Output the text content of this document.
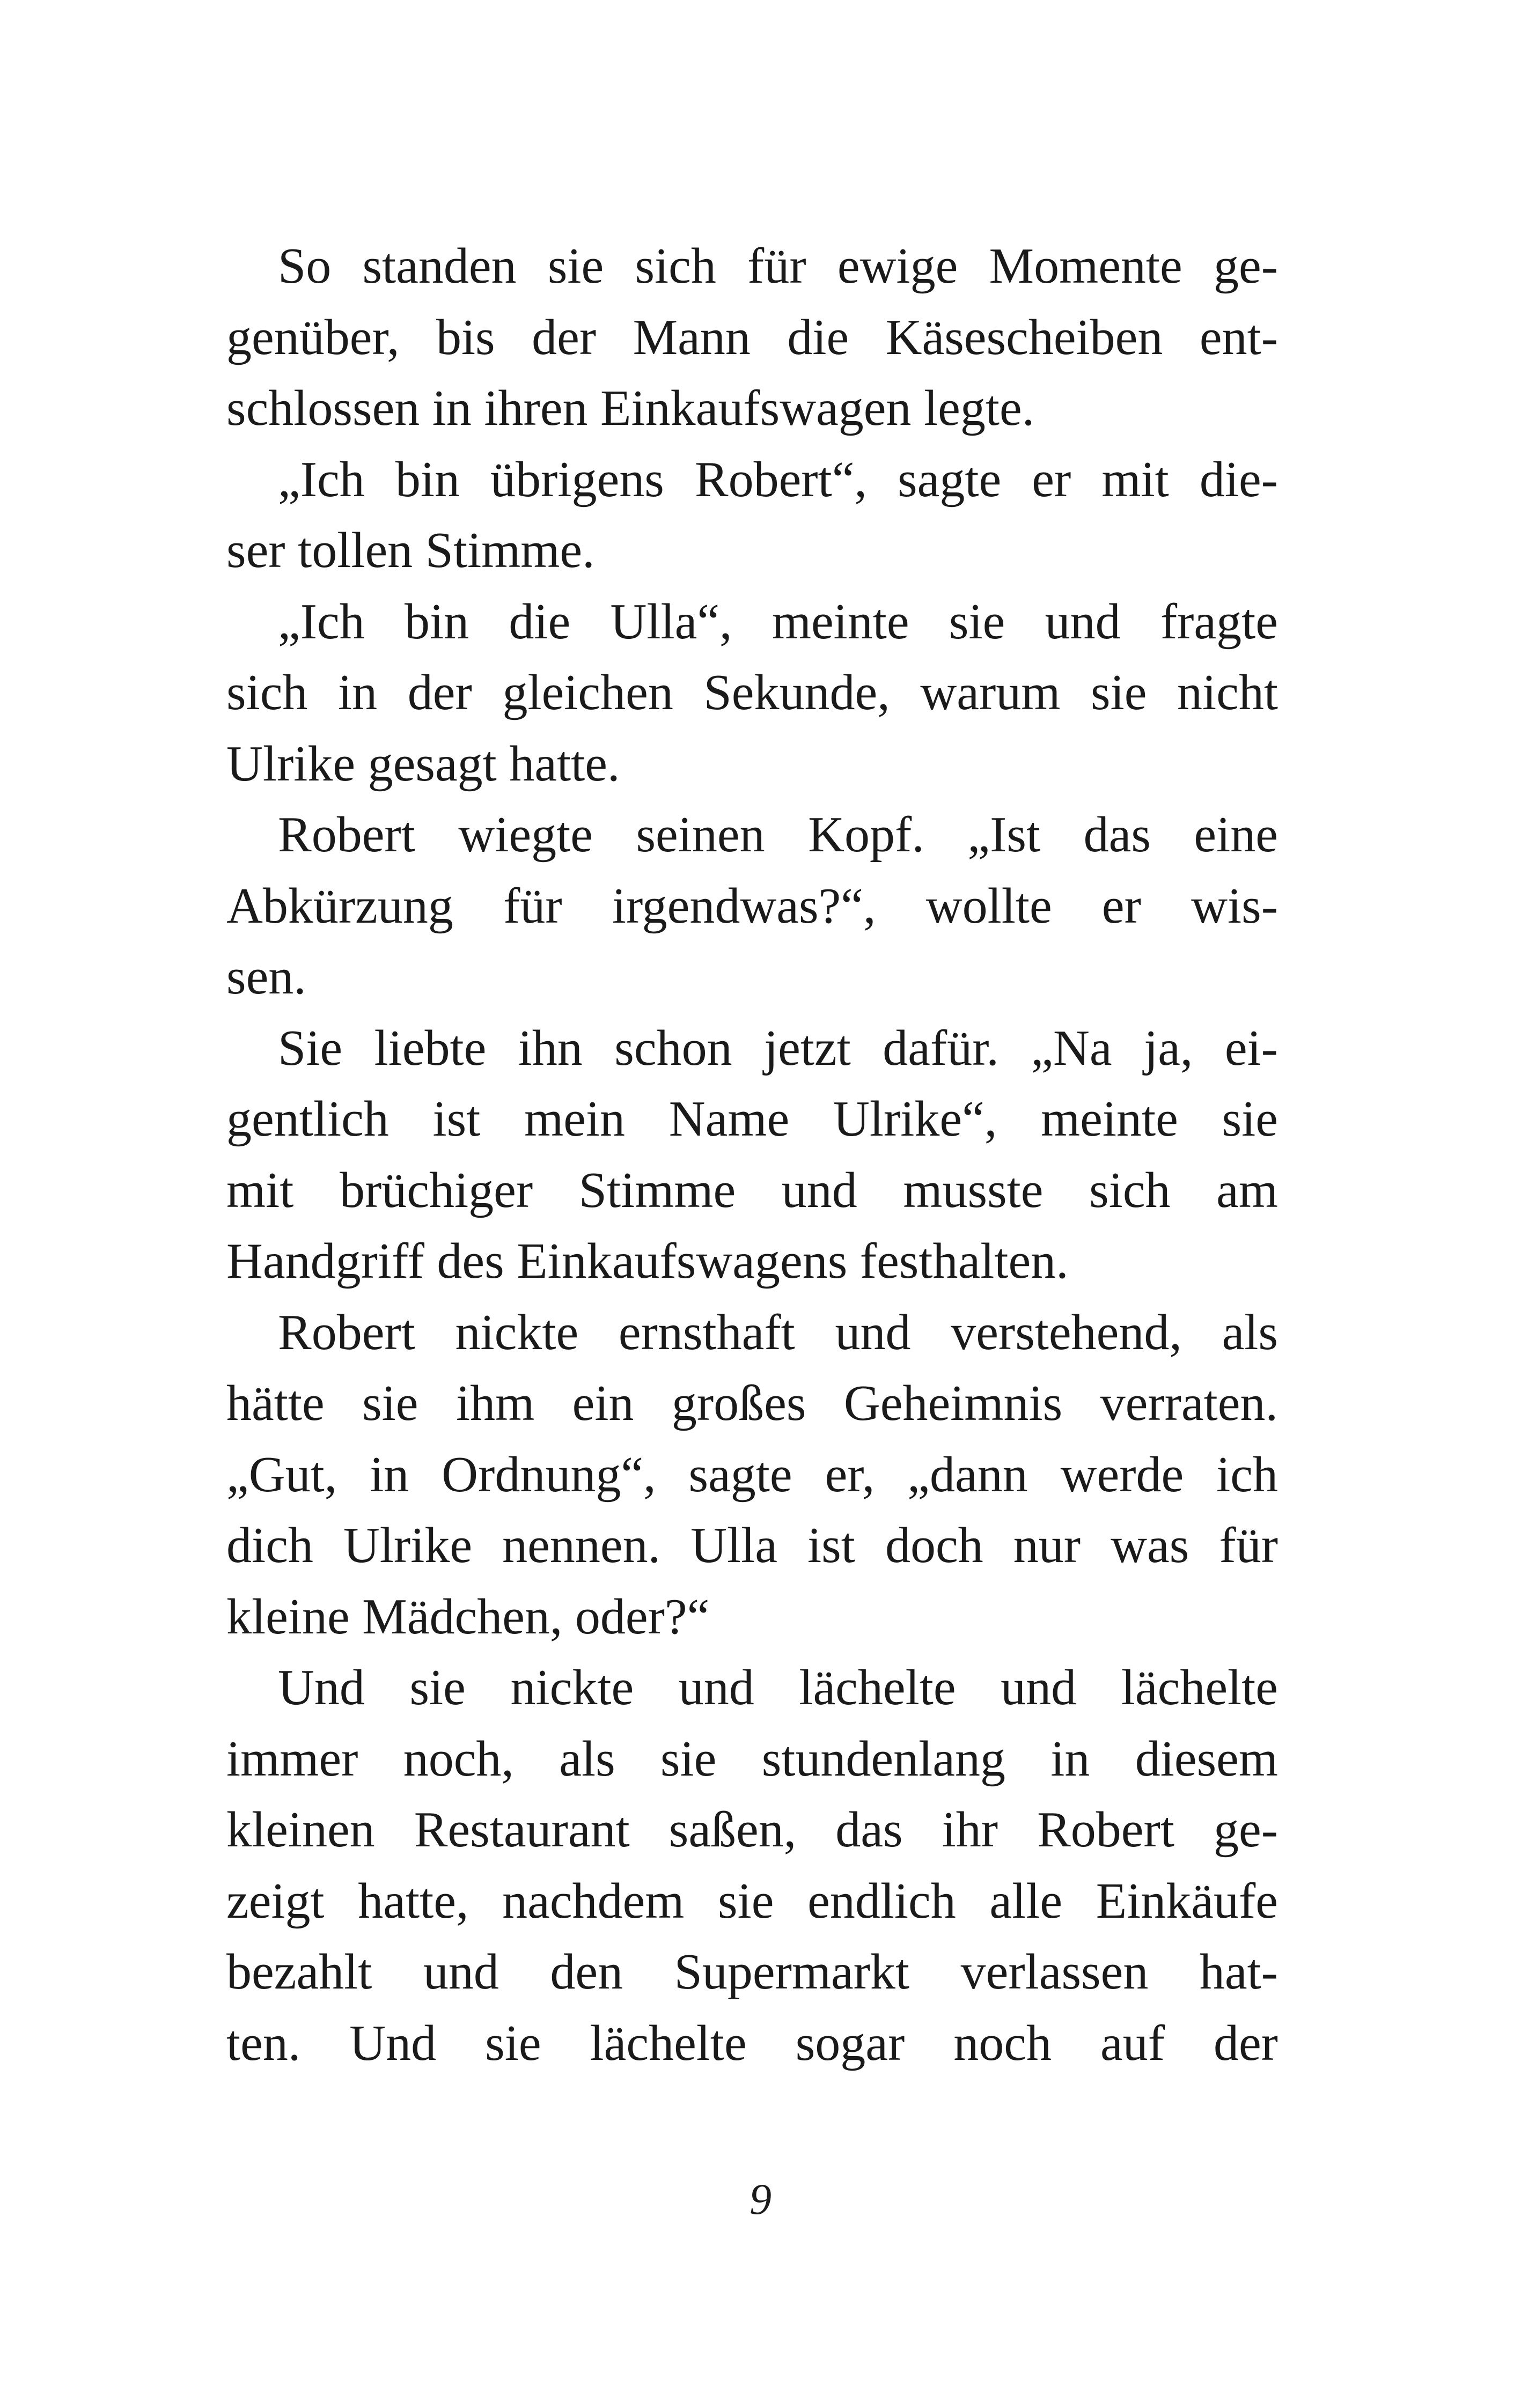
So standen sie sich für ewige Momente ge-
genüber, bis der Mann die Käsescheiben ent-
schlossen in ihren Einkaufswagen legte.
„Ich bin übrigens Robert“, sagte er mit die-
ser tollen Stimme.
„Ich bin die Ulla“, meinte sie und fragte
sich in der gleichen Sekunde, warum sie nicht
Ulrike gesagt hatte.
Robert wiegte seinen Kopf. „Ist das eine
Abkürzung für irgendwas?“, wollte er wis-
sen.
Sie liebte ihn schon jetzt dafür. „Na ja, ei-
gentlich ist mein Name Ulrike“, meinte sie
mit brüchiger Stimme und musste sich am
Handgriff des Einkaufswagens festhalten.
Robert nickte ernsthaft und verstehend, als
hätte sie ihm ein großes Geheimnis verraten.
„Gut, in Ordnung“, sagte er, „dann werde ich
dich Ulrike nennen. Ulla ist doch nur was für
kleine Mädchen, oder?“
Und sie nickte und lächelte und lächelte
immer noch, als sie stundenlang in diesem
kleinen Restaurant saßen, das ihr Robert ge-
zeigt hatte, nachdem sie endlich alle Einkäufe
bezahlt und den Supermarkt verlassen hat-
ten. Und sie lächelte sogar noch auf der
9
